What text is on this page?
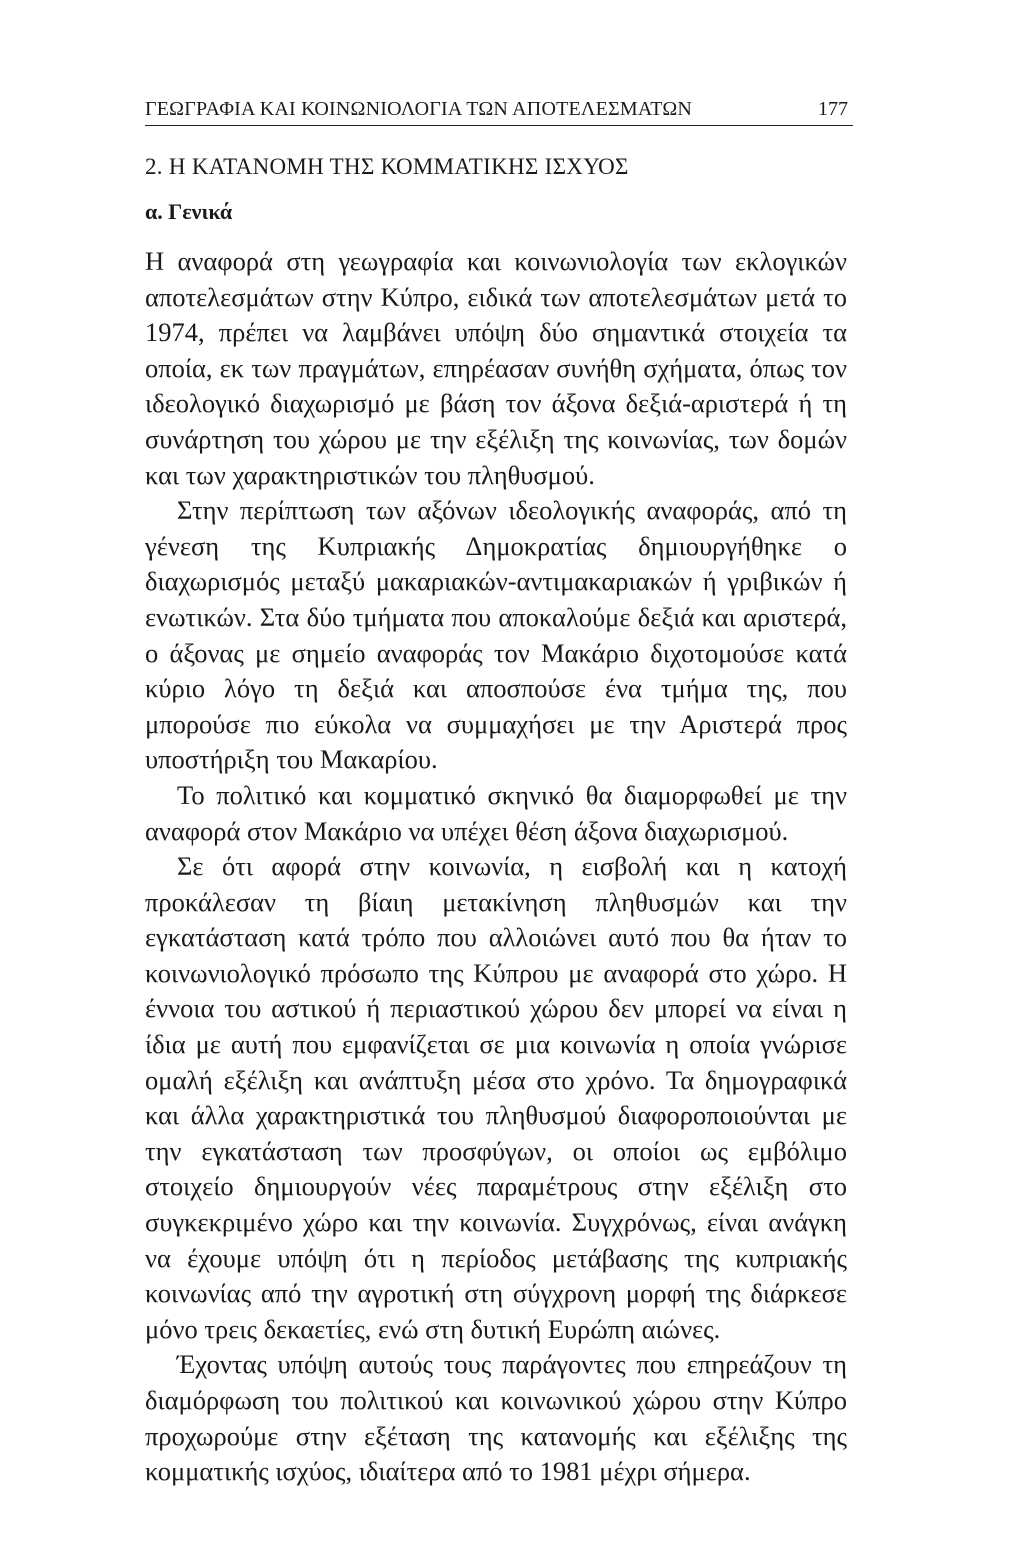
ΓΕΩΓΡΑΦΙΑ ΚΑΙ ΚΟΙΝΩΝΙΟΛΟΓΙΑ ΤΩΝ ΑΠΟΤΕΛΕΣΜΑΤΩΝ	177
2. Η ΚΑΤΑΝΟΜΗ ΤΗΣ ΚΟΜΜΑΤΙΚΗΣ ΙΣΧΥΟΣ
α. Γενικά

Η αναφορά στη γεωγραφία και κοινωνιολογία των εκλογικών αποτελεσμάτων στην Κύπρο, ειδικά των αποτελεσμάτων μετά το 1974, πρέπει να λαμβάνει υπόψη δύο σημαντικά στοιχεία τα οποία, εκ των πραγμάτων, επηρέασαν συνήθη σχήματα, όπως τον ιδεολογικό διαχωρισμό με βάση τον άξονα δεξιά-αριστερά ή τη συνάρτηση του χώρου με την εξέλιξη της κοινωνίας, των δομών και των χαρακτηριστικών του πληθυσμού.

Στην περίπτωση των αξόνων ιδεολογικής αναφοράς, από τη γένεση της Κυπριακής Δημοκρατίας δημιουργήθηκε ο διαχωρισμός μεταξύ μακαριακών-αντιμακαριακών ή γριβικών ή ενωτικών. Στα δύο τμήματα που αποκαλούμε δεξιά και αριστερά, ο άξονας με σημείο αναφοράς τον Μακάριο διχοτομούσε κατά κύριο λόγο τη δεξιά και αποσπούσε ένα τμήμα της, που μπορούσε πιο εύκολα να συμμαχήσει με την Αριστερά προς υποστήριξη του Μακαρίου.

Το πολιτικό και κομματικό σκηνικό θα διαμορφωθεί με την αναφορά στον Μακάριο να υπέχει θέση άξονα διαχωρισμού.

Σε ότι αφορά στην κοινωνία, η εισβολή και η κατοχή προκάλεσαν τη βίαιη μετακίνηση πληθυσμών και την εγκατάσταση κατά τρόπο που αλλοιώνει αυτό που θα ήταν το κοινωνιολογικό πρόσωπο της Κύπρου με αναφορά στο χώρο. Η έννοια του αστικού ή περιαστικού χώρου δεν μπορεί να είναι η ίδια με αυτή που εμφανίζεται σε μια κοινωνία η οποία γνώρισε ομαλή εξέλιξη και ανάπτυξη μέσα στο χρόνο. Τα δημογραφικά και άλλα χαρακτηριστικά του πληθυσμού διαφοροποιούνται με την εγκατάσταση των προσφύγων, οι οποίοι ως εμβόλιμο στοιχείο δημιουργούν νέες παραμέτρους στην εξέλιξη στο συγκεκριμένο χώρο και την κοινωνία. Συγχρόνως, είναι ανάγκη να έχουμε υπόψη ότι η περίοδος μετάβασης της κυπριακής κοινωνίας από την αγροτική στη σύγχρονη μορφή της διάρκεσε μόνο τρεις δεκαετίες, ενώ στη δυτική Ευρώπη αιώνες.

Έχοντας υπόψη αυτούς τους παράγοντες που επηρεάζουν τη διαμόρφωση του πολιτικού και κοινωνικού χώρου στην Κύπρο προχωρούμε στην εξέταση της κατανομής και εξέλιξης της κομματικής ισχύος, ιδιαίτερα από το 1981 μέχρι σήμερα.
